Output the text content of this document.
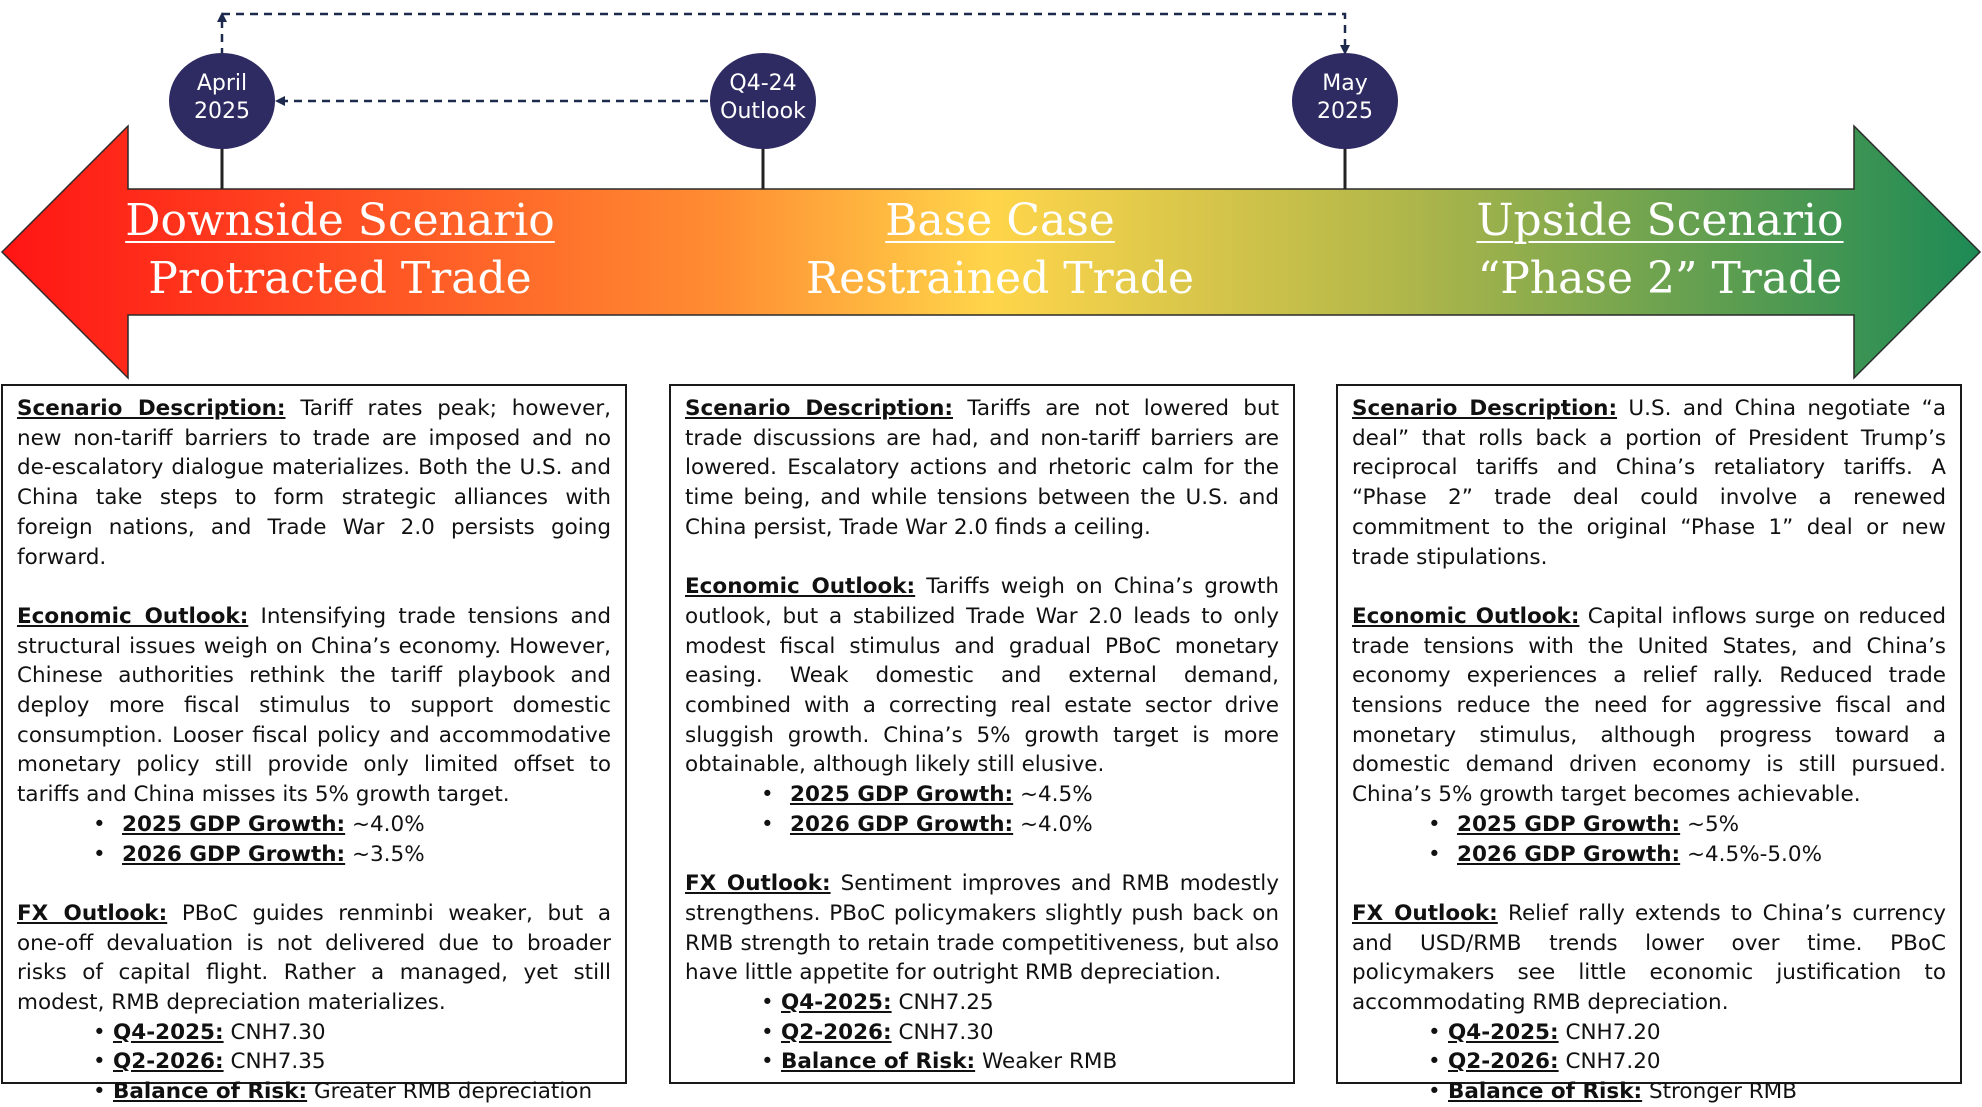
April
2025
Q4-24
Outlook
May
2025
Downside Scenario
Protracted Trade War
Base Case
Restrained Trade War
Upside Scenario
“Phase 2” Trade Deal

Scenario Description: Tariff rates peak; however, new non-tariff barriers to trade are imposed and no de-escalatory dialogue materializes. Both the U.S. and China take steps to form strategic alliances with foreign nations, and Trade War 2.0 persists going forward.

Economic Outlook: Intensifying trade tensions and structural issues weigh on China’s economy. However, Chinese authorities rethink the tariff playbook and deploy more fiscal stimulus to support domestic consumption. Looser fiscal policy and accommodative monetary policy still provide only limited offset to tariffs and China misses its 5% growth target.

• 2025 GDP Growth: ~4.0%
• 2026 GDP Growth: ~3.5%

FX Outlook: PBoC guides renminbi weaker, but a one-off devaluation is not delivered due to broader risks of capital flight. Rather a managed, yet still modest, RMB depreciation materializes.

• Q4-2025: CNH7.30
• Q2-2026: CNH7.35
• Balance of Risk: Greater RMB depreciation

Scenario Description: Tariffs are not lowered but trade discussions are had, and non-tariff barriers are lowered. Escalatory actions and rhetoric calm for the time being, and while tensions between the U.S. and China persist, Trade War 2.0 finds a ceiling.

Economic Outlook: Tariffs weigh on China’s growth outlook, but a stabilized Trade War 2.0 leads to only modest fiscal stimulus and gradual PBoC monetary easing. Weak domestic and external demand, combined with a correcting real estate sector drive sluggish growth. China’s 5% growth target is more obtainable, although likely still elusive.

• 2025 GDP Growth: ~4.5%
• 2026 GDP Growth: ~4.0%

FX Outlook: Sentiment improves and RMB modestly strengthens. PBoC policymakers slightly push back on RMB strength to retain trade competitiveness, but also have little appetite for outright RMB depreciation.

• Q4-2025: CNH7.25
• Q2-2026: CNH7.30
• Balance of Risk: Weaker RMB

Scenario Description: U.S. and China negotiate “a deal” that rolls back a portion of President Trump’s reciprocal tariffs and China’s retaliatory tariffs. A “Phase 2” trade deal could involve a renewed commitment to the original “Phase 1” deal or new trade stipulations.

Economic Outlook: Capital inflows surge on reduced trade tensions with the United States, and China’s economy experiences a relief rally. Reduced trade tensions reduce the need for aggressive fiscal and monetary stimulus, although progress toward a domestic demand driven economy is still pursued. China’s 5% growth target becomes achievable.

• 2025 GDP Growth: ~5%
• 2026 GDP Growth: ~4.5%-5.0%

FX Outlook: Relief rally extends to China’s currency and USD/RMB trends lower over time. PBoC policymakers see little economic justification to accommodating RMB depreciation.

• Q4-2025: CNH7.20
• Q2-2026: CNH7.20
• Balance of Risk: Stronger RMB
